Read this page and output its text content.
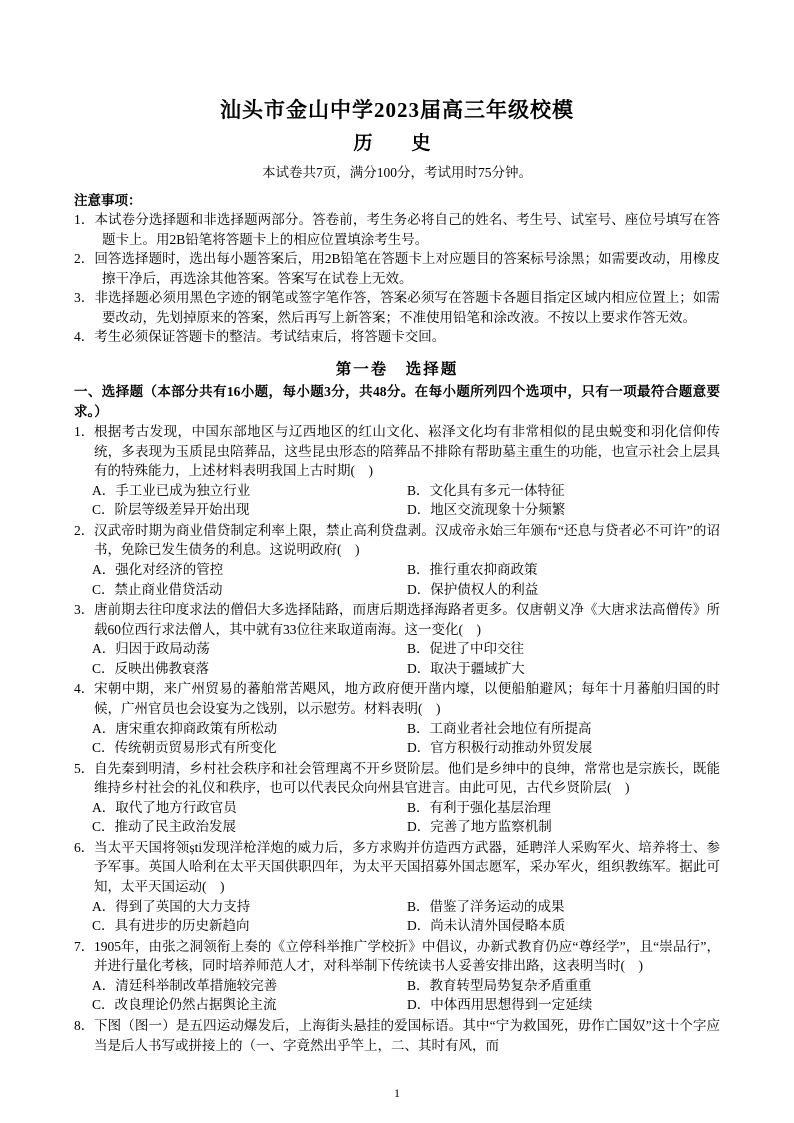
汕头市金山中学2023届高三年级校模
历　史
本试卷共7页，满分100分，考试用时75分钟。
注意事项：
1．本试卷分选择题和非选择题两部分。答卷前，考生务必将自己的姓名、考生号、试室号、座位号填写在答题卡上。用2B铅笔将答题卡上的相应位置填涂考生号。
2．回答选择题时，选出每小题答案后，用2B铅笔在答题卡上对应题目的答案标号涂黑；如需要改动，用橡皮擦干净后，再选涂其他答案。答案写在试卷上无效。
3．非选择题必须用黑色字迹的钢笔或签字笔作答，答案必须写在答题卡各题目指定区域内相应位置上；如需要改动，先划掉原来的答案，然后再写上新答案；不准使用铅笔和涂改液。不按以上要求作答无效。
4．考生必须保证答题卡的整洁。考试结束后，将答题卡交回。
第一卷　选择题
一、选择题（本部分共有16小题，每小题3分，共48分。在每小题所列四个选项中，只有一项最符合题意要求。）
1． 根据考古发现，中国东部地区与辽西地区的红山文化、崧泽文化均有非常相似的昆虫蜕变和羽化信仰传统，多表现为玉质昆虫陪葬品，这些昆虫形态的陪葬品不排除有帮助墓主重生的功能，也宣示社会上层具有的特殊能力，上述材料表明我国上古时期(　)
A．手工业已成为独立行业	B．文化具有多元一体特征
C．阶层等级差异开始出现	D．地区交流现象十分频繁
2． 汉武帝时期为商业借贷制定利率上限，禁止高利贷盘剥。汉成帝永始三年颁布“还息与贷者必不可许”的诏书，免除已发生债务的利息。这说明政府(　)
A．强化对经济的管控	B．推行重农抑商政策
C．禁止商业借贷活动	D．保护债权人的利益
3． 唐前期去往印度求法的僧侣大多选择陆路，而唐后期选择海路者更多。仅唐朝义净《大唐求法高僧传》所载60位西行求法僧人，其中就有33位往来取道南海。这一变化(　)
A．归因于政局动荡	B．促进了中印交往
C．反映出佛教衰落	D．取决于疆域扩大
4． 宋朝中期，来广州贸易的蕃舶常苦飓风，地方政府便开凿内壕，以便船舶避风；每年十月蕃舶归国的时候，广州官员也会设宴为之饯别，以示慰劳。材料表明(　)
A．唐宋重农抑商政策有所松动	B．工商业者社会地位有所提高
C．传统朝贡贸易形式有所变化	D．官方积极行动推动外贸发展
5． 自先秦到明清，乡村社会秩序和社会管理离不开乡贤阶层。他们是乡绅中的良绅，常常也是宗族长，既能维持乡村社会的礼仪和秩序，也可以代表民众向州县官进言。由此可见，古代乡贤阶层(　)
A．取代了地方行政官员	B．有利于强化基层治理
C．推动了民主政治发展	D．完善了地方监察机制
6． 当太平天国将领ști发现洋枪洋炮的威力后，多方求购并仿造西方武器，延聘洋人采购军火、培养将士、参予军事。英国人哈利在太平天国供职四年，为太平天国招募外国志愿军，采办军火，组织教练军。据此可知，太平天国运动(　)
A．得到了英国的大力支持	B．借鉴了洋务运动的成果
C．具有进步的历史新趋向	D．尚未认清外国侵略本质
7． 1905年，由张之洞领衔上奏的《立停科举推广学校折》中倡议，办新式教育仍应“尊经学”，且“崇品行”，并进行量化考核，同时培养师范人才，对科举制下传统读书人妥善安排出路，这表明当时(　)
A．清廷科举制改革措施较完善	B．教育转型局势复杂矛盾重重
C．改良理论仍然占据舆论主流	D．中体西用思想得到一定延续
8． 下图（图一）是五四运动爆发后，上海街头悬挂的爱国标语。其中“宁为救国死，毋作亡国奴”这十个字应当是后人书写或拼接上的（一、字竟然出乎竿上，二、其时有风，而
1
